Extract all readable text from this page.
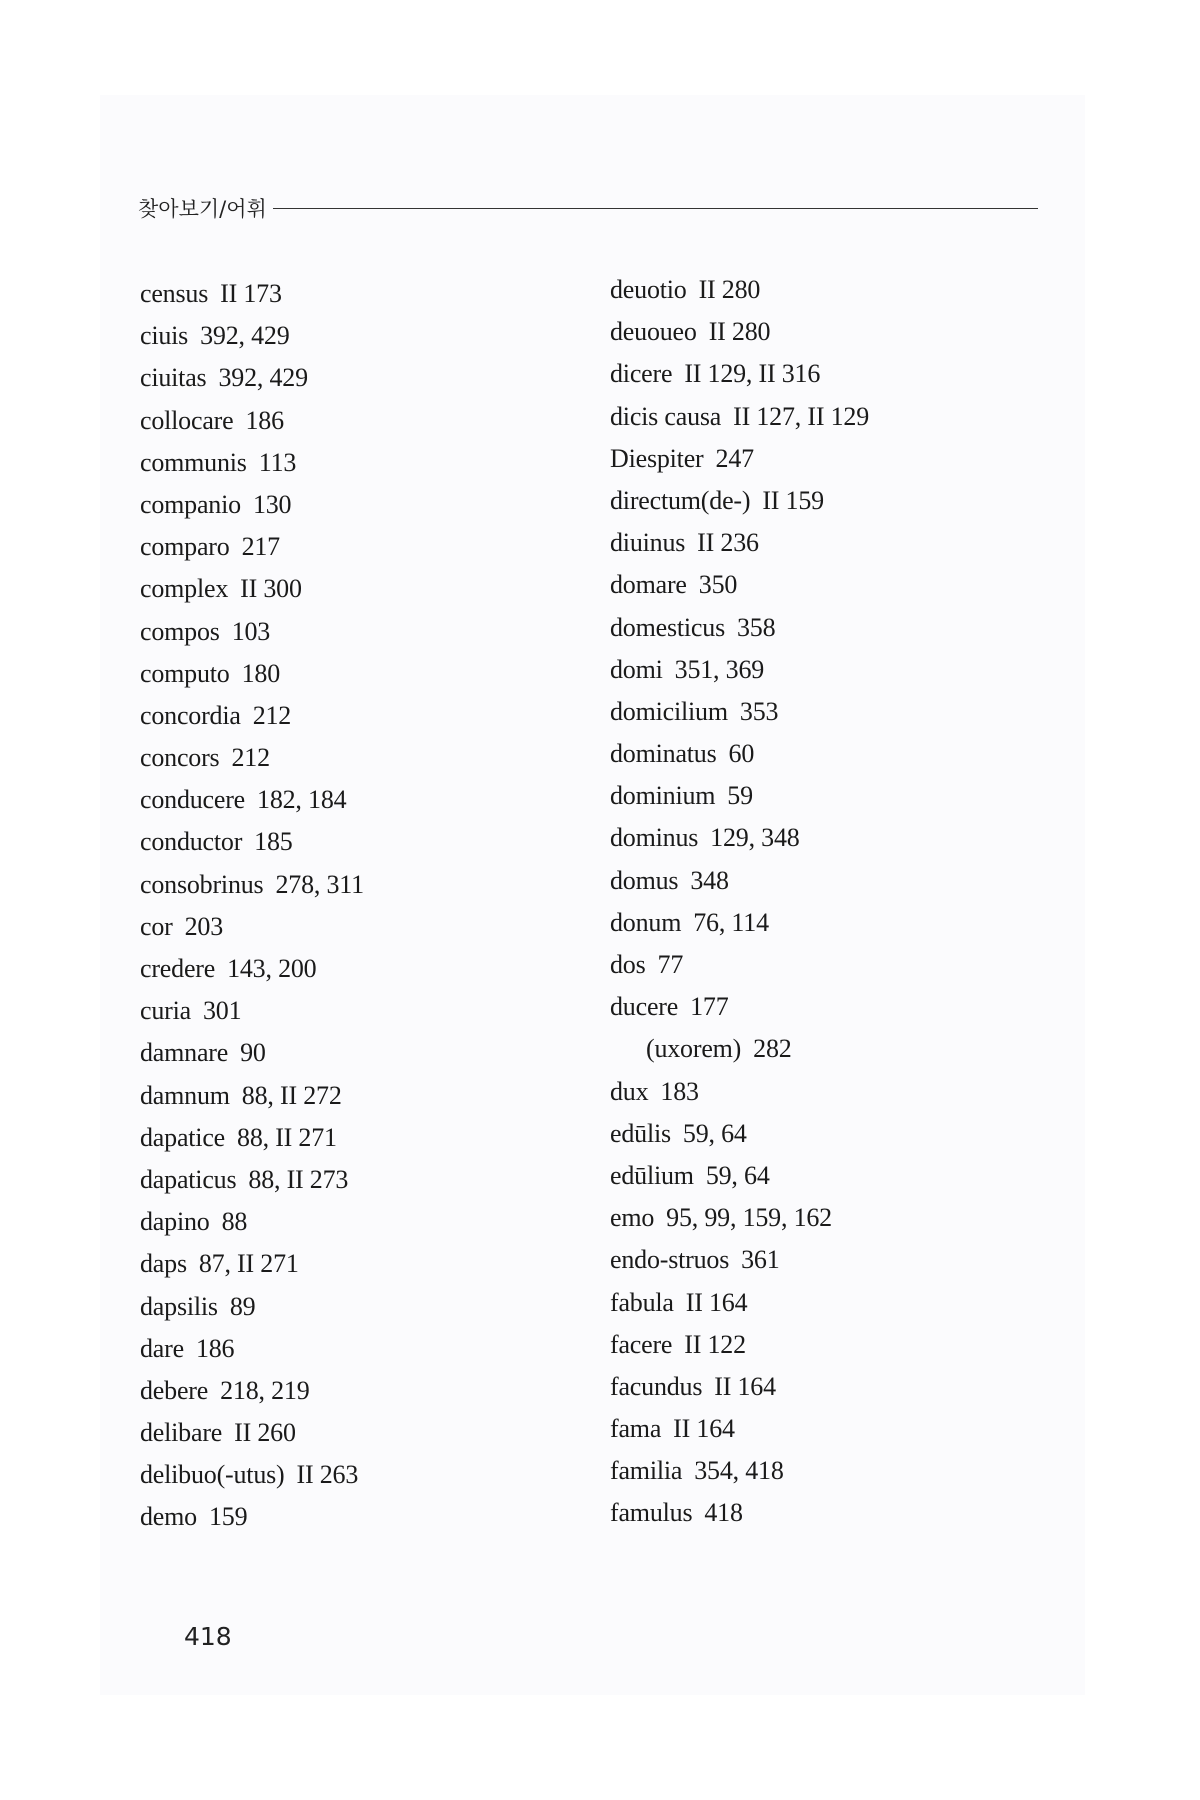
찾아보기/어휘
census II 173
ciuis 392, 429
ciuitas 392, 429
collocare 186
communis 113
companio 130
comparo 217
complex II 300
compos 103
computo 180
concordia 212
concors 212
conducere 182, 184
conductor 185
consobrinus 278, 311
cor 203
credere 143, 200
curia 301
damnare 90
damnum 88, II 272
dapatice 88, II 271
dapaticus 88, II 273
dapino 88
daps 87, II 271
dapsilis 89
dare 186
debere 218, 219
delibare II 260
delibuo(-utus) II 263
demo 159
deuotio II 280
deuoueo II 280
dicere II 129, II 316
dicis causa II 127, II 129
Diespiter 247
directum(de-) II 159
diuinus II 236
domare 350
domesticus 358
domi 351, 369
domicilium 353
dominatus 60
dominium 59
dominus 129, 348
domus 348
donum 76, 114
dos 77
ducere 177
(uxorem) 282
dux 183
edūlis 59, 64
edūlium 59, 64
emo 95, 99, 159, 162
endo-struos 361
fabula II 164
facere II 122
facundus II 164
fama II 164
familia 354, 418
famulus 418
418
